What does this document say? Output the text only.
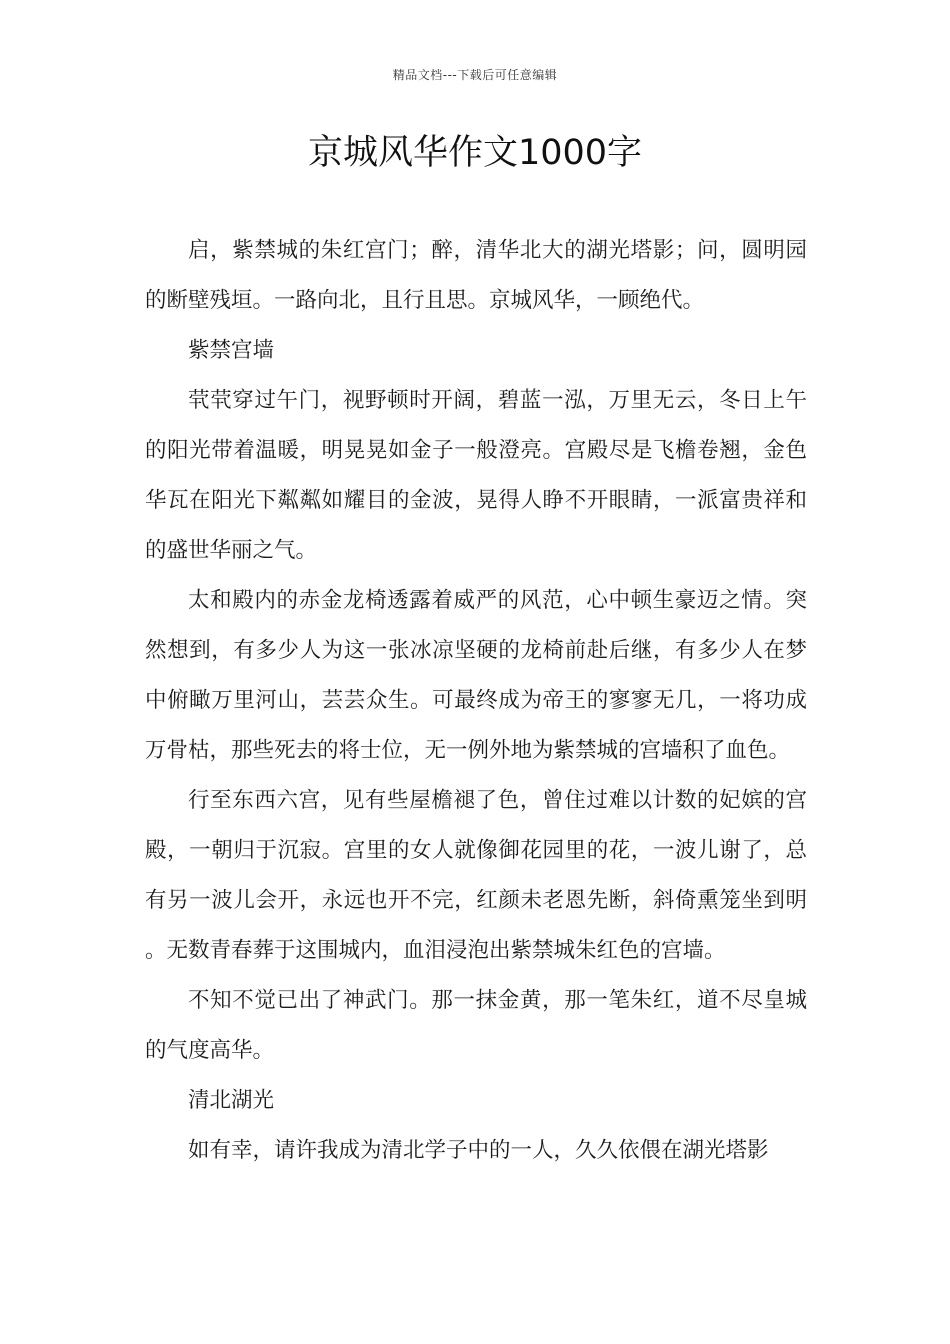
精品文档---下载后可任意编辑
京城风华作文1000字

启，紫禁城的朱红宫门；醉，清华北大的湖光塔影；问，圆明园的断壁残垣。一路向北，且行且思。京城风华，一顾绝代。

紫禁宫墙

茕茕穿过午门，视野顿时开阔，碧蓝一泓，万里无云，冬日上午的阳光带着温暖，明晃晃如金子一般澄亮。宫殿尽是飞檐卷翘，金色华瓦在阳光下粼粼如耀目的金波，晃得人睁不开眼睛，一派富贵祥和的盛世华丽之气。

太和殿内的赤金龙椅透露着威严的风范，心中顿生豪迈之情。突然想到，有多少人为这一张冰凉坚硬的龙椅前赴后继，有多少人在梦中俯瞰万里河山，芸芸众生。可最终成为帝王的寥寥无几，一将功成万骨枯，那些死去的将士位，无一例外地为紫禁城的宫墙积了血色。

行至东西六宫，见有些屋檐褪了色，曾住过难以计数的妃嫔的宫殿，一朝归于沉寂。宫里的女人就像御花园里的花，一波儿谢了，总有另一波儿会开，永远也开不完，红颜未老恩先断，斜倚熏笼坐到明。无数青春葬于这围城内，血泪浸泡出紫禁城朱红色的宫墙。

不知不觉已出了神武门。那一抹金黄，那一笔朱红，道不尽皇城的气度高华。

清北湖光

如有幸，请许我成为清北学子中的一人，久久依偎在湖光塔影
